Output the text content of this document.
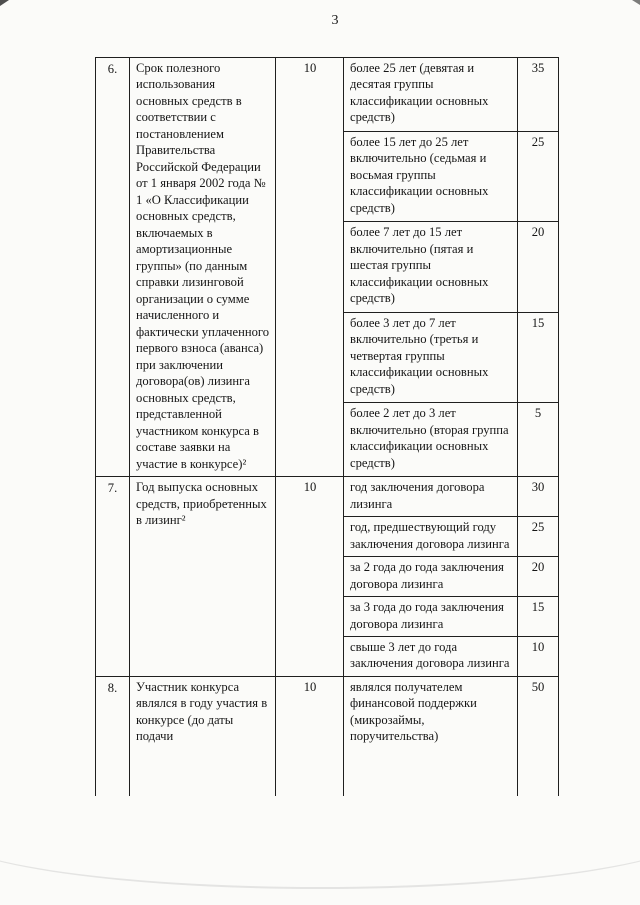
3
6.	Срок полезного использования основных средств в соответствии с постановлением Правительства Российской Федерации от 1 января 2002 года № 1 «О Классификации основных средств, включаемых в амортизационные группы» (по данным справки лизинговой организации о сумме начисленного и фактически уплаченного первого взноса (аванса) при заключении договора(ов) лизинга основных средств, представленной участником конкурса в составе заявки на участие в конкурсе)²	10	более 25 лет (девятая и десятая группы классификации основных средств)	35
			более 15 лет до 25 лет включительно (седьмая и восьмая группы классификации основных средств)	25
			более 7 лет до 15 лет включительно (пятая и шестая группы классификации основных средств)	20
			более 3 лет до 7 лет включительно (третья и четвертая группы классификации основных средств)	15
			более 2 лет до 3 лет включительно (вторая группа классификации основных средств)	5
7.	Год выпуска основных средств, приобретенных в лизинг²	10	год заключения договора лизинга	30
			год, предшествующий году заключения договора лизинга	25
			за 2 года до года заключения договора лизинга	20
			за 3 года до года заключения договора лизинга	15
			свыше 3 лет до года заключения договора лизинга	10
8.	Участник конкурса являлся в году участия в конкурсе (до даты подачи	10	являлся получателем финансовой поддержки (микрозаймы, поручительства)	50
